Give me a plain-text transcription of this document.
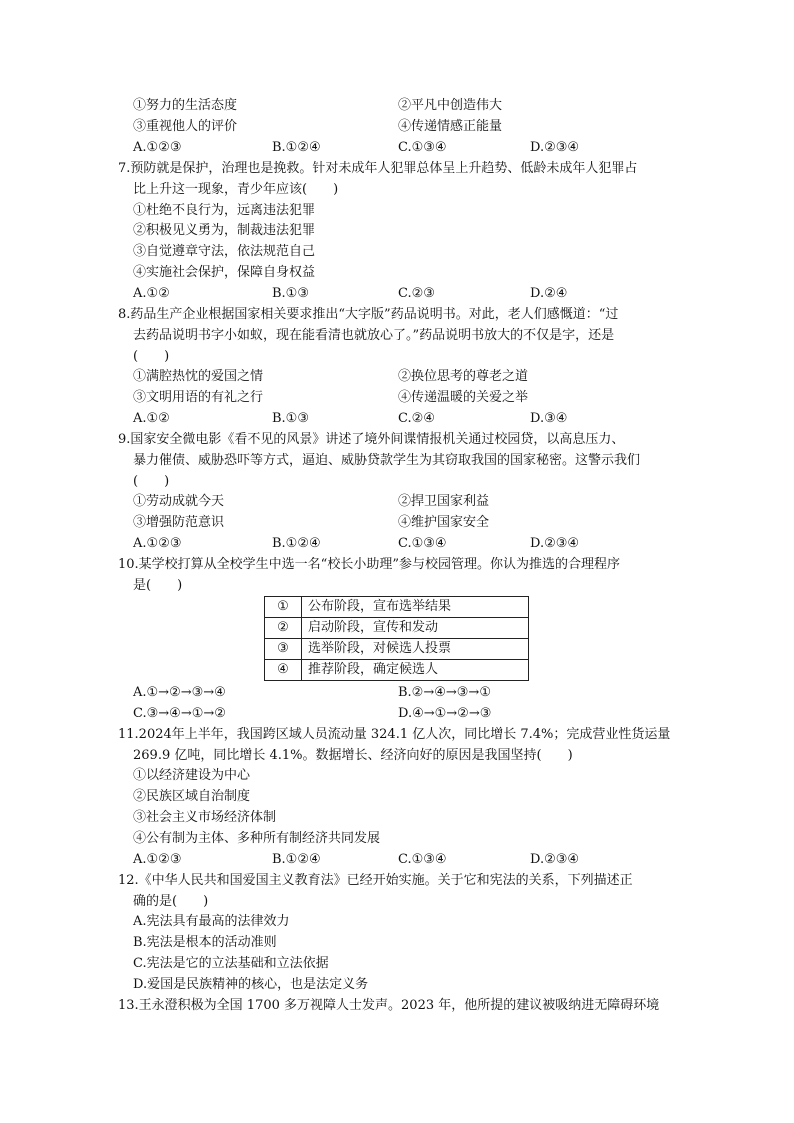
①努力的生活态度	②平凡中创造伟大
③重视他人的评价	④传递情感正能量
A.①②③	B.①②④	C.①③④	D.②③④
7.预防就是保护，治理也是挽救。针对未成年人犯罪总体呈上升趋势、低龄未成年人犯罪占
比上升这一现象，青少年应该(　　)
①杜绝不良行为，远离违法犯罪
②积极见义勇为，制裁违法犯罪
③自觉遵章守法，依法规范自己
④实施社会保护，保障自身权益
A.①②	B.①③	C.②③	D.②④
8.药品生产企业根据国家相关要求推出“大字版”药品说明书。对此，老人们感慨道：“过
去药品说明书字小如蚁，现在能看清也就放心了。”药品说明书放大的不仅是字，还是
(　　)
①满腔热忱的爱国之情	②换位思考的尊老之道
③文明用语的有礼之行	④传递温暖的关爱之举
A.①②	B.①③	C.②④	D.③④
9.国家安全微电影《看不见的风景》讲述了境外间谍情报机关通过校园贷，以高息压力、
暴力催债、威胁恐吓等方式，逼迫、威胁贷款学生为其窃取我国的国家秘密。这警示我们
(　　)
①劳动成就今天	②捍卫国家利益
③增强防范意识	④维护国家安全
A.①②③	B.①②④	C.①③④	D.②③④
10.某学校打算从全校学生中选一名“校长小助理”参与校园管理。你认为推选的合理程序
是(　　)
①	公布阶段，宣布选举结果
②	启动阶段，宣传和发动
③	选举阶段，对候选人投票
④	推荐阶段，确定候选人
A.①→②→③→④	B.②→④→③→①
C.③→④→①→②	D.④→①→②→③
11.2024年上半年，我国跨区域人员流动量 324.1 亿人次，同比增长 7.4%；完成营业性货运量
269.9 亿吨，同比增长 4.1%。数据增长、经济向好的原因是我国坚持(　　)
①以经济建设为中心
②民族区域自治制度
③社会主义市场经济体制
④公有制为主体、多种所有制经济共同发展
A.①②③	B.①②④	C.①③④	D.②③④
12.《中华人民共和国爱国主义教育法》已经开始实施。关于它和宪法的关系，下列描述正
确的是(　　)
A.宪法具有最高的法律效力
B.宪法是根本的活动准则
C.宪法是它的立法基础和立法依据
D.爱国是民族精神的核心，也是法定义务
13.王永澄积极为全国 1700 多万视障人士发声。2023 年，他所提的建议被吸纳进无障碍环境
